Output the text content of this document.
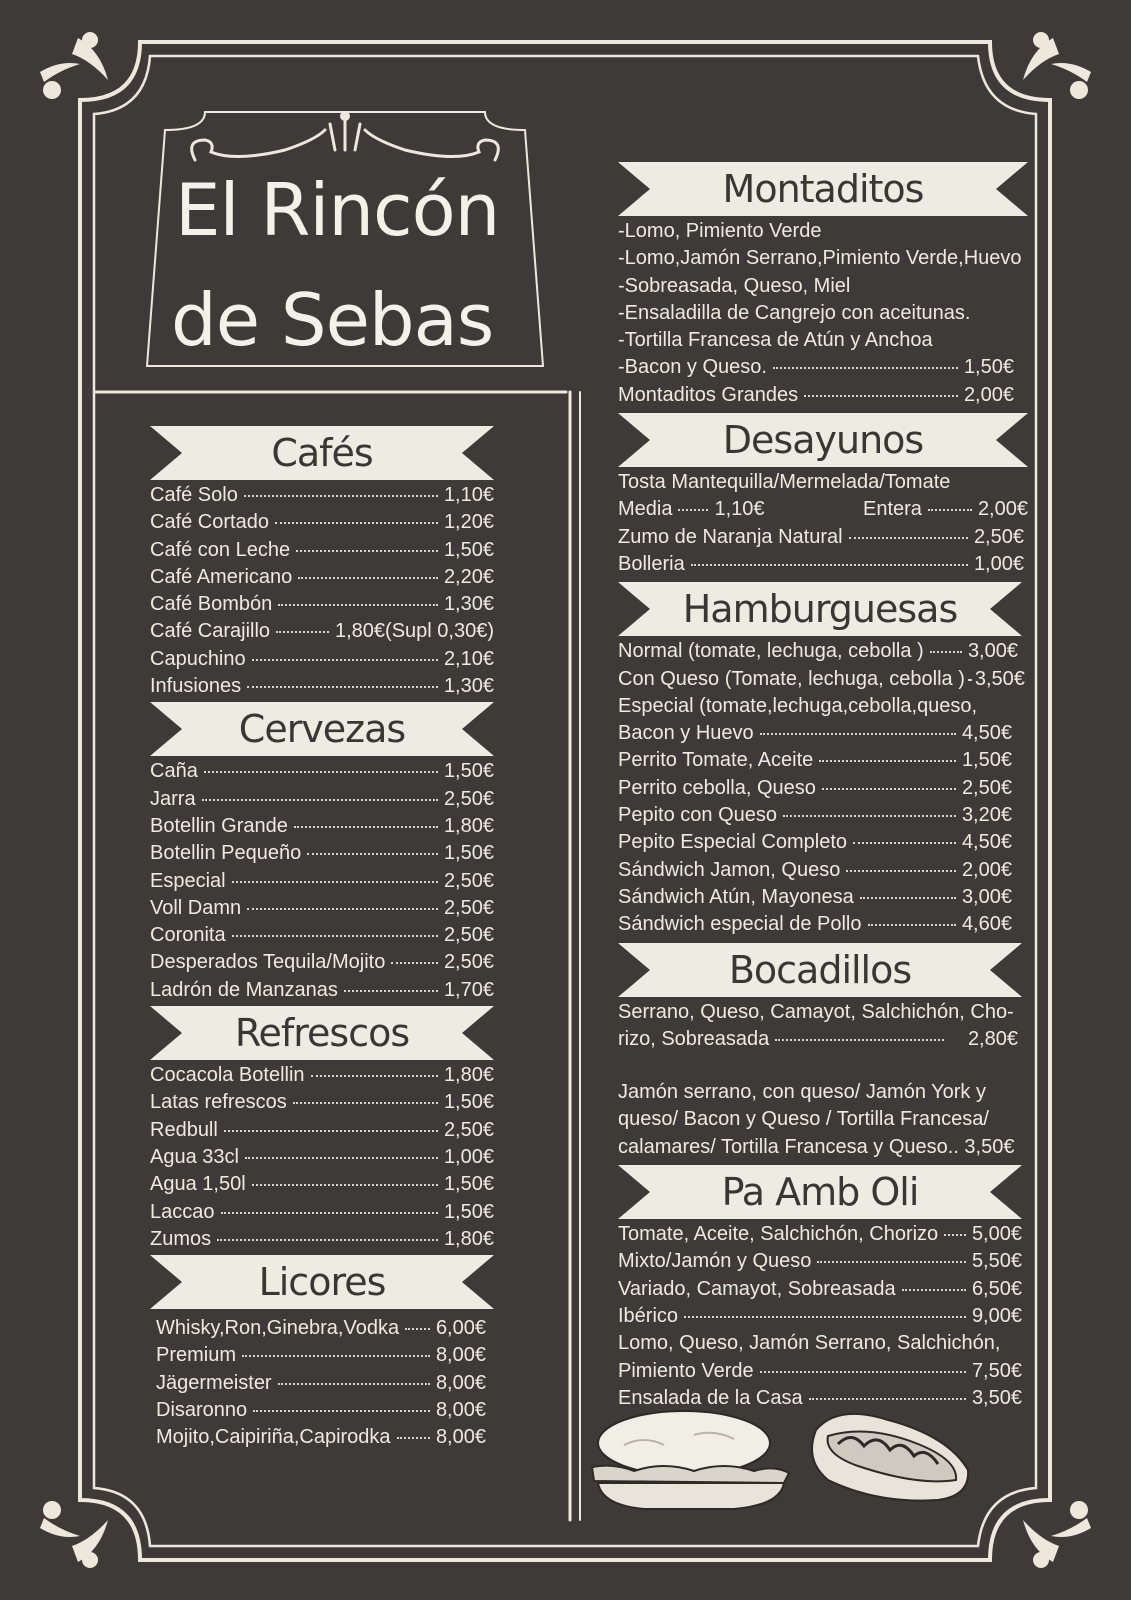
El Rincón
de Sebas
Cafés
Café Solo	1,10€
Café Cortado	1,20€
Café con Leche	1,50€
Café Americano	2,20€
Café Bombón	1,30€
Café Carajillo	1,80€(Supl 0,30€)
Capuchino	2,10€
Infusiones	1,30€
Cervezas
Caña	1,50€
Jarra	2,50€
Botellin Grande	1,80€
Botellin Pequeño	1,50€
Especial	2,50€
Voll Damn	2,50€
Coronita	2,50€
Desperados Tequila/Mojito	2,50€
Ladrón de Manzanas	1,70€
Refrescos
Cocacola Botellin	1,80€
Latas refrescos	1,50€
Redbull	2,50€
Agua 33cl	1,00€
Agua 1,50l	1,50€
Laccao	1,50€
Zumos	1,80€
Licores
Whisky,Ron,Ginebra,Vodka 6,00€
Premium	8,00€
Jägermeister	8,00€
Disaronno	8,00€
Mojito,Caipiriña,Capirodka 8,00€
Montaditos
-Lomo, Pimiento Verde
-Lomo,Jamón Serrano,Pimiento Verde,Huevo
-Sobreasada, Queso, Miel
-Ensaladilla de Cangrejo con aceitunas.
-Tortilla Francesa de Atún y Anchoa
-Bacon y Queso.	1,50€
Montaditos Grandes	2,00€
Desayunos
Tosta Mantequilla/Mermelada/Tomate
Media 1,10€	Entera	2,00€
Zumo de Naranja Natural	2,50€
Bolleria	1,00€
Hamburguesas
Normal (tomate, lechuga, cebolla ) 3,00€
Con Queso (Tomate, lechuga, cebolla ) 3,50€
Especial (tomate,lechuga,cebolla,queso,
Bacon y Huevo	4,50€
Perrito Tomate, Aceite	1,50€
Perrito cebolla, Queso	2,50€
Pepito con Queso	3,20€
Pepito Especial Completo	4,50€
Sándwich Jamon, Queso	2,00€
Sándwich Atún, Mayonesa	3,00€
Sándwich especial de Pollo	4,60€
Bocadillos
Serrano, Queso, Camayot, Salchichón, Cho-
rizo, Sobreasada	2,80€
Jamón serrano, con queso/ Jamón York y
queso/ Bacon y Queso / Tortilla Francesa/
calamares/ Tortilla Francesa y Queso.. 3,50€
Pa Amb Oli
Tomate, Aceite, Salchichón, Chorizo 5,00€
Mixto/Jamón y Queso	5,50€
Variado, Camayot, Sobreasada	6,50€
Ibérico	9,00€
Lomo, Queso, Jamón Serrano, Salchichón,
Pimiento Verde	7,50€
Ensalada de la Casa	3,50€
